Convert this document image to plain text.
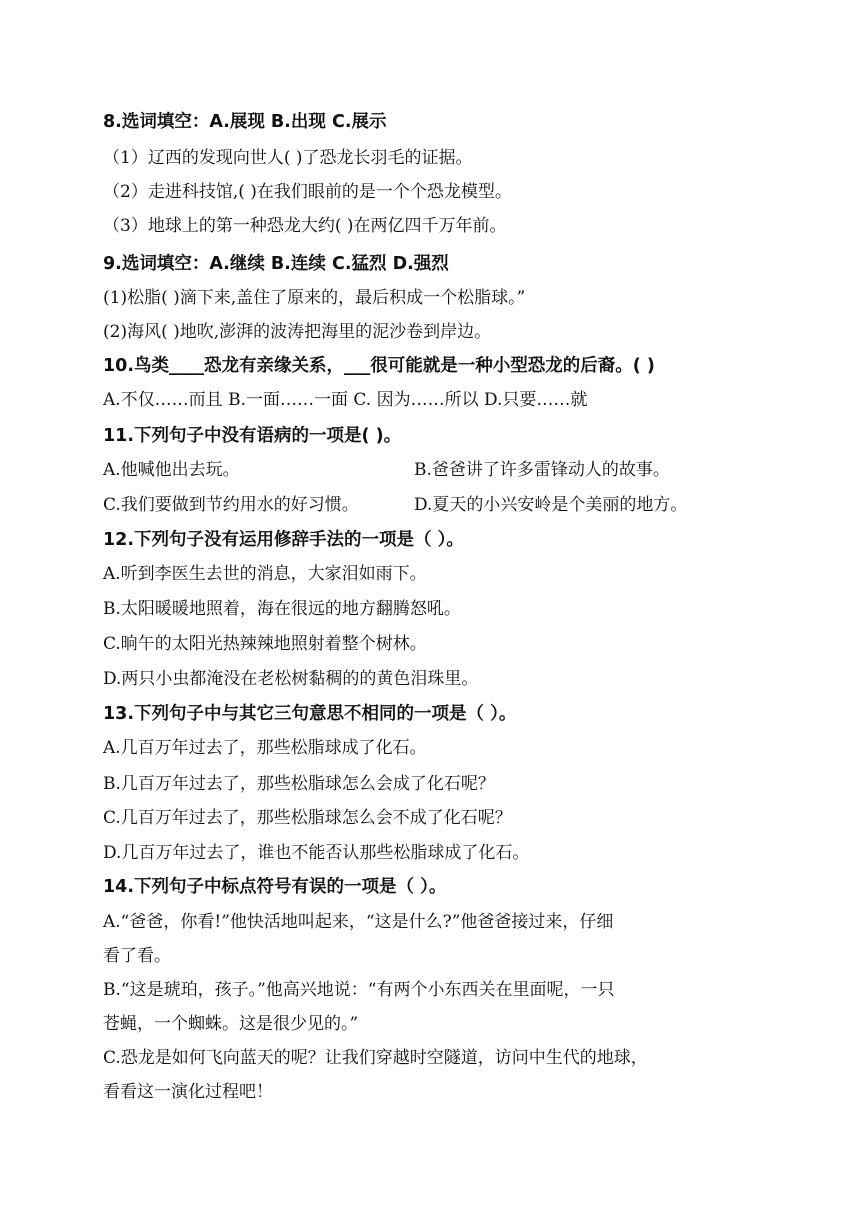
8.选词填空：A.展现 B.出现 C.展示
（1）辽西的发现向世人( )了恐龙长羽毛的证据。
（2）走进科技馆,( )在我们眼前的是一个个恐龙模型。
（3）地球上的第一种恐龙大约( )在两亿四千万年前。
9.选词填空：A.继续 B.连续 C.猛烈 D.强烈
(1)松脂( )滴下来,盖住了原来的，最后积成一个松脂球。”
(2)海风( )地吹,澎湃的波涛把海里的泥沙卷到岸边。
10.鸟类____恐龙有亲缘关系，___很可能就是一种小型恐龙的后裔。( )
A.不仅……而且 B.一面……一面 C. 因为……所以 D.只要……就
11.下列句子中没有语病的一项是( )。
A.他喊他出去玩。	B.爸爸讲了许多雷锋动人的故事。
C.我们要做到节约用水的好习惯。	D.夏天的小兴安岭是个美丽的地方。
12.下列句子没有运用修辞手法的一项是（ ）。
A.听到李医生去世的消息，大家泪如雨下。
B.太阳暖暖地照着，海在很远的地方翻腾怒吼。
C.晌午的太阳光热辣辣地照射着整个树林。
D.两只小虫都淹没在老松树黏稠的的黄色泪珠里。
13.下列句子中与其它三句意思不相同的一项是（ ）。
A.几百万年过去了，那些松脂球成了化石。
B.几百万年过去了，那些松脂球怎么会成了化石呢？
C.几百万年过去了，那些松脂球怎么会不成了化石呢？
D.几百万年过去了，谁也不能否认那些松脂球成了化石。
14.下列句子中标点符号有误的一项是（ ）。
A.“爸爸，你看!”他快活地叫起来，“这是什么?”他爸爸接过来，仔细
看了看。
B.“这是琥珀，孩子。”他高兴地说：“有两个小东西关在里面呢，一只
苍蝇，一个蜘蛛。这是很少见的。”
C.恐龙是如何飞向蓝天的呢？让我们穿越时空隧道，访问中生代的地球，
看看这一演化过程吧！
